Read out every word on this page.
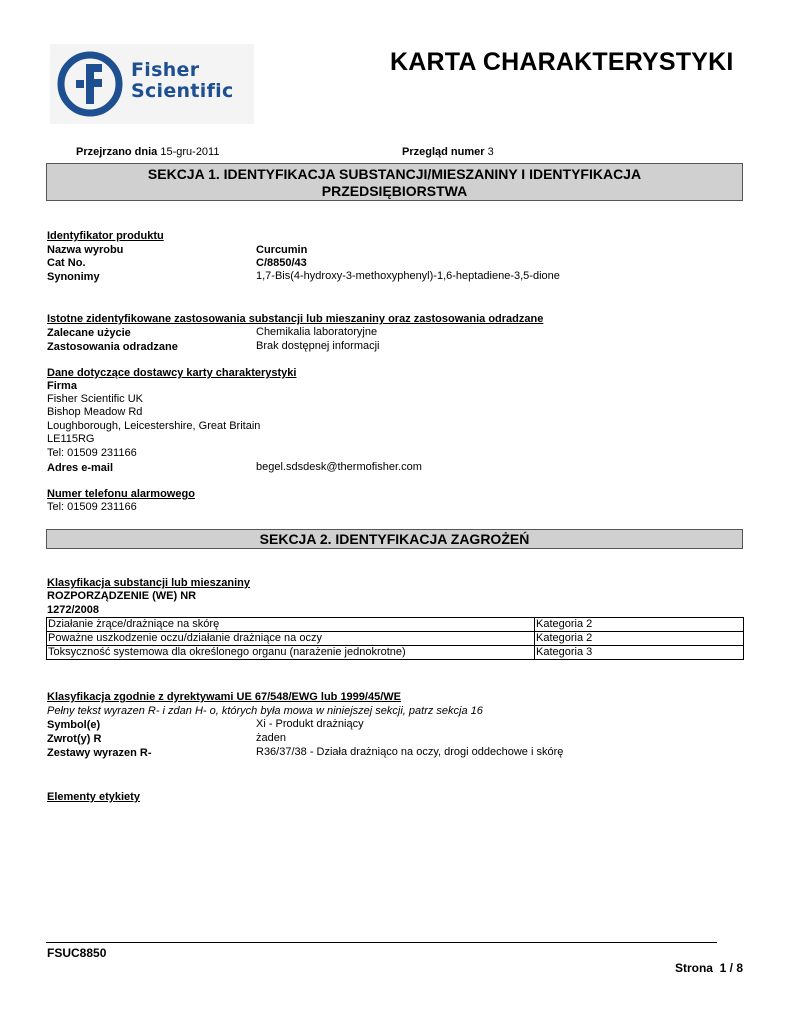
Fisher
Scientific
KARTA CHARAKTERYSTYKI
Przejrzano dnia 15-gru-2011	Przegląd numer 3
SEKCJA 1. IDENTYFIKACJA SUBSTANCJI/MIESZANINY I IDENTYFIKACJA
PRZEDSIĘBIORSTWA
Identyfikator produktu
Nazwa wyrobu	Curcumin
Cat No.	C/8850/43
Synonimy	1,7-Bis(4-hydroxy-3-methoxyphenyl)-1,6-heptadiene-3,5-dione
Istotne zidentyfikowane zastosowania substancji lub mieszaniny oraz zastosowania odradzane
Zalecane użycie	Chemikalia laboratoryjne
Zastosowania odradzane	Brak dostępnej informacji
Dane dotyczące dostawcy karty charakterystyki
Firma
Fisher Scientific UK
Bishop Meadow Rd
Loughborough, Leicestershire, Great Britain
LE115RG
Tel: 01509 231166
Adres e-mail	begel.sdsdesk@thermofisher.com
Numer telefonu alarmowego
Tel: 01509 231166
SEKCJA 2. IDENTYFIKACJA ZAGROŻEŃ
Klasyfikacja substancji lub mieszaniny
ROZPORZĄDZENIE (WE) NR
1272/2008
Działanie żrące/drażniące na skórę	Kategoria 2
Poważne uszkodzenie oczu/działanie drażniące na oczy	Kategoria 2
Toksyczność systemowa dla określonego organu (narażenie jednokrotne)	Kategoria 3
Klasyfikacja zgodnie z dyrektywami UE 67/548/EWG lub 1999/45/WE
Pełny tekst wyrazen R- i zdan H- o, których była mowa w niniejszej sekcji, patrz sekcja 16
Symbol(e)	Xi - Produkt drażniący
Zwrot(y) R	żaden
Zestawy wyrazen R-	R36/37/38 - Działa drażniąco na oczy, drogi oddechowe i skórę
Elementy etykiety
FSUC8850
Strona  1 / 8
